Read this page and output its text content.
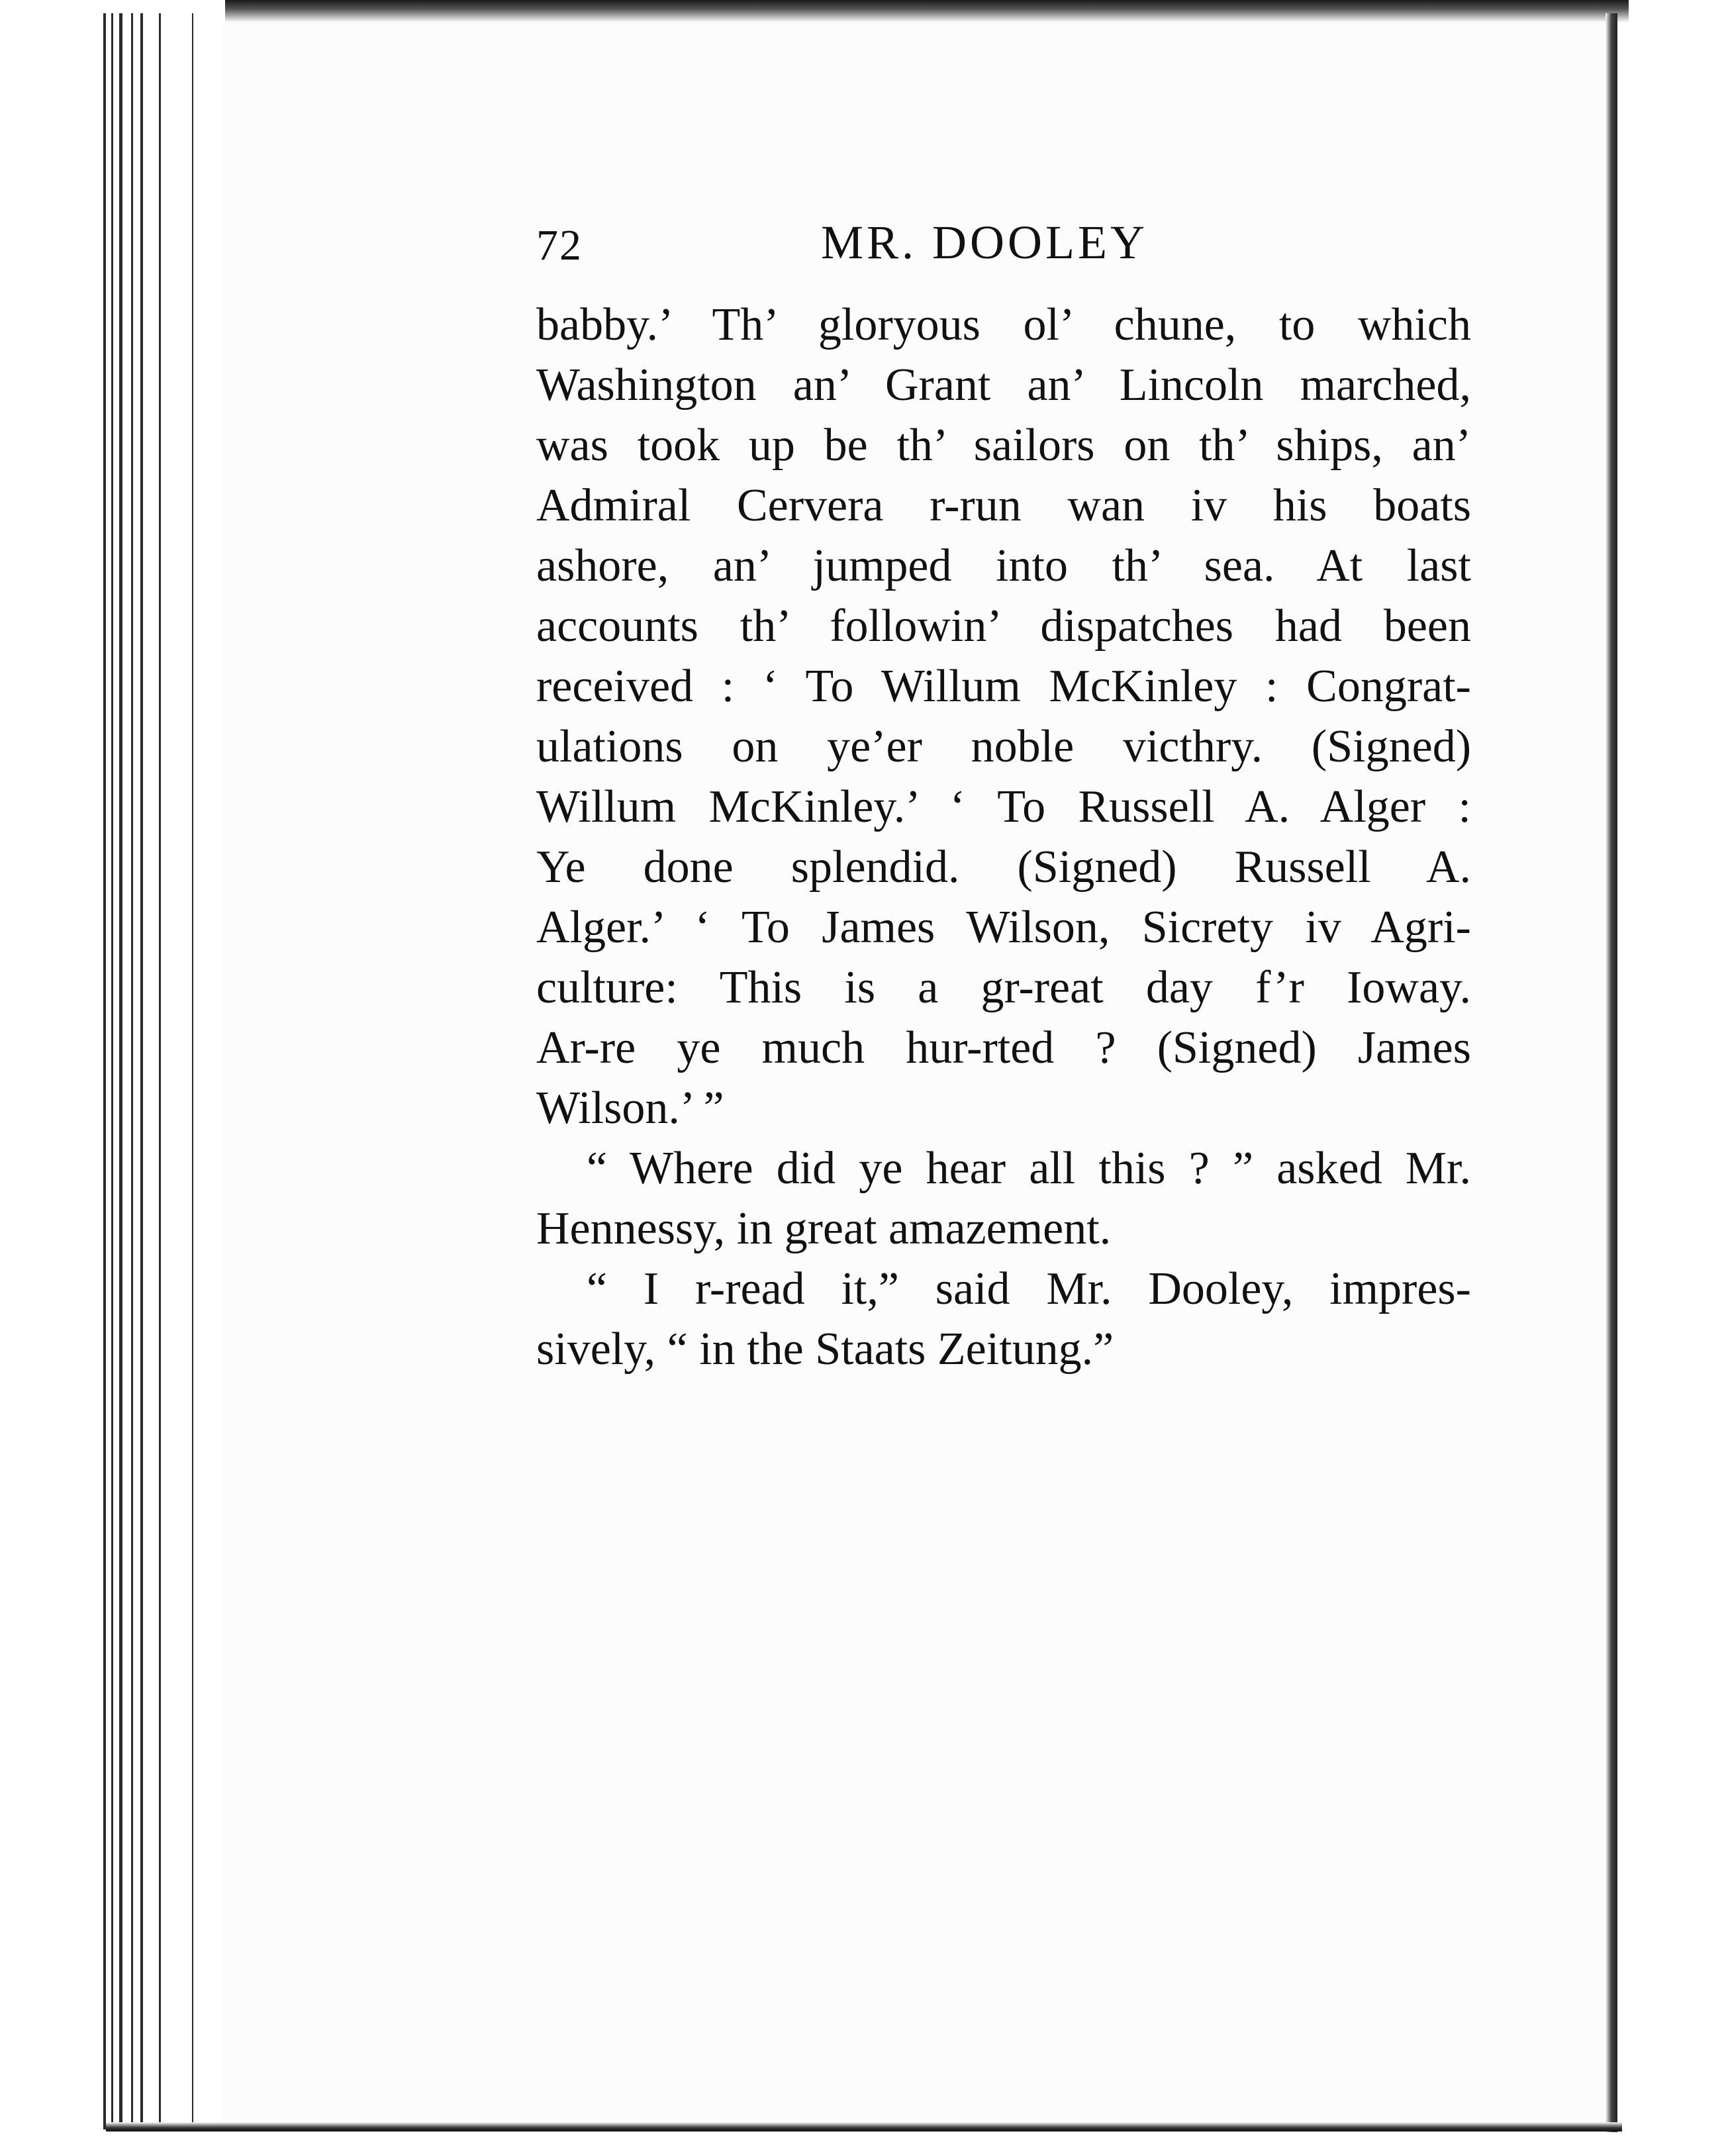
72	MR. DOOLEY
babby.’ Th’ gloryous ol’ chune, to which
Washington an’ Grant an’ Lincoln marched,
was took up be th’ sailors on th’ ships, an’
Admiral Cervera r-run wan iv his boats
ashore, an’ jumped into th’ sea. At last
accounts th’ followin’ dispatches had been
received : ‘ To Willum McKinley : Congrat-
ulations on ye’er noble victhry. (Signed)
Willum McKinley.’ ‘ To Russell A. Alger :
Ye done splendid. (Signed) Russell A.
Alger.’ ‘ To James Wilson, Sicrety iv Agri-
culture: This is a gr-reat day f’r Ioway.
Ar-re ye much hur-rted ? (Signed) James
Wilson.’ ”
“ Where did ye hear all this ? ” asked Mr.
Hennessy, in great amazement.
“ I r-read it,” said Mr. Dooley, impres-
sively, “ in the Staats Zeitung.”
